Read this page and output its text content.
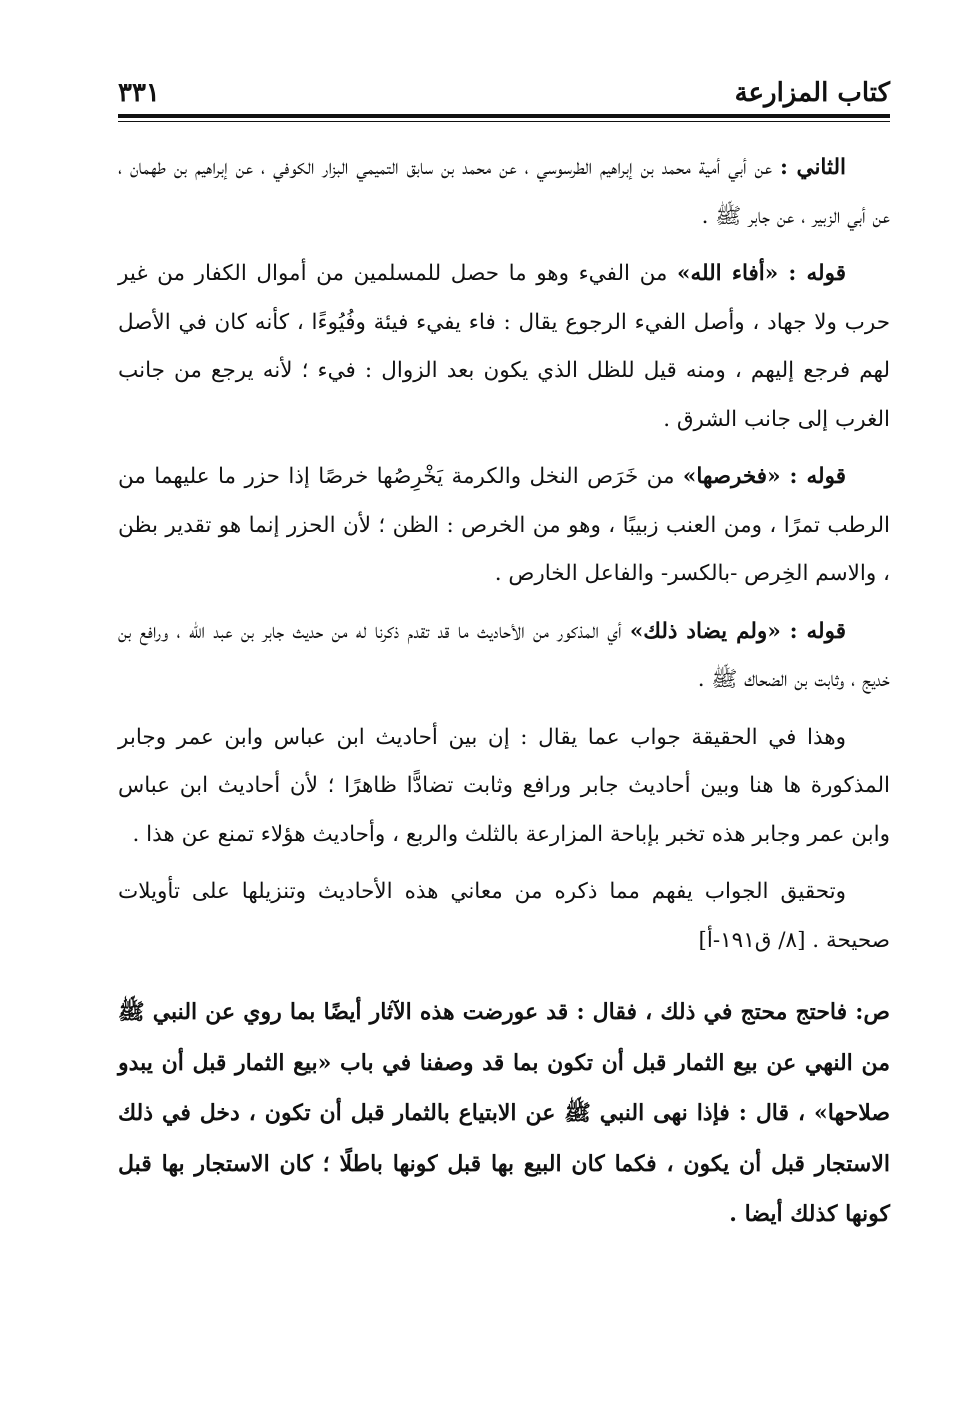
كتاب المزارعة
٣٣١

الثاني : عن أبي أمية محمد بن إبراهيم الطرسوسي ، عن محمد بن سابق التميمي البزار الكوفي ، عن إبراهيم بن طهمان ، عن أبي الزبير ، عن جابر ﷺ .

قوله : «أفاء الله» من الفيء وهو ما حصل للمسلمين من أموال الكفار من غير حرب ولا جهاد ، وأصل الفيء الرجوع يقال : فاء يفيء فيئة وفُيُوءًا ، كأنه كان في الأصل لهم فرجع إليهم ، ومنه قيل للظل الذي يكون بعد الزوال : فيء ؛ لأنه يرجع من جانب الغرب إلى جانب الشرق .

قوله : «فخرصها» من خَرَص النخل والكرمة يَخْرِصُها خرصًا إذا حزر ما عليهما من الرطب تمرًا ، ومن العنب زبيبًا ، وهو من الخرص : الظن ؛ لأن الحزر إنما هو تقدير بظن ، والاسم الخِرص -بالكسر- والفاعل الخارص .

قوله : «ولم يضاد ذلك» أي المذكور من الأحاديث ما قد تقدم ذكرنا له من حديث جابر بن عبد الله ، ورافع بن خديج ، وثابت بن الضحاك ﷺ .

وهذا في الحقيقة جواب عما يقال : إن بين أحاديث ابن عباس وابن عمر وجابر المذكورة ها هنا وبين أحاديث جابر ورافع وثابت تضادًّا ظاهرًا ؛ لأن أحاديث ابن عباس وابن عمر وجابر هذه تخبر بإباحة المزارعة بالثلث والربع ، وأحاديث هؤلاء تمنع عن هذا .

وتحقيق الجواب يفهم مما ذكره من معاني هذه الأحاديث وتنزيلها على تأويلات صحيحة . [٨/ ق١٩١-أ]

ص: فاحتج محتج في ذلك ، فقال : قد عورضت هذه الآثار أيضًا بما روي عن النبي ﷺ من النهي عن بيع الثمار قبل أن تكون بما قد وصفنا في باب «بيع الثمار قبل أن يبدو صلاحها» ، قال : فإذا نهى النبي ﷺ عن الابتياع بالثمار قبل أن تكون ، دخل في ذلك الاستجار قبل أن يكون ، فكما كان البيع بها قبل كونها باطلًا ؛ كان الاستجار بها قبل كونها كذلك أيضا .
